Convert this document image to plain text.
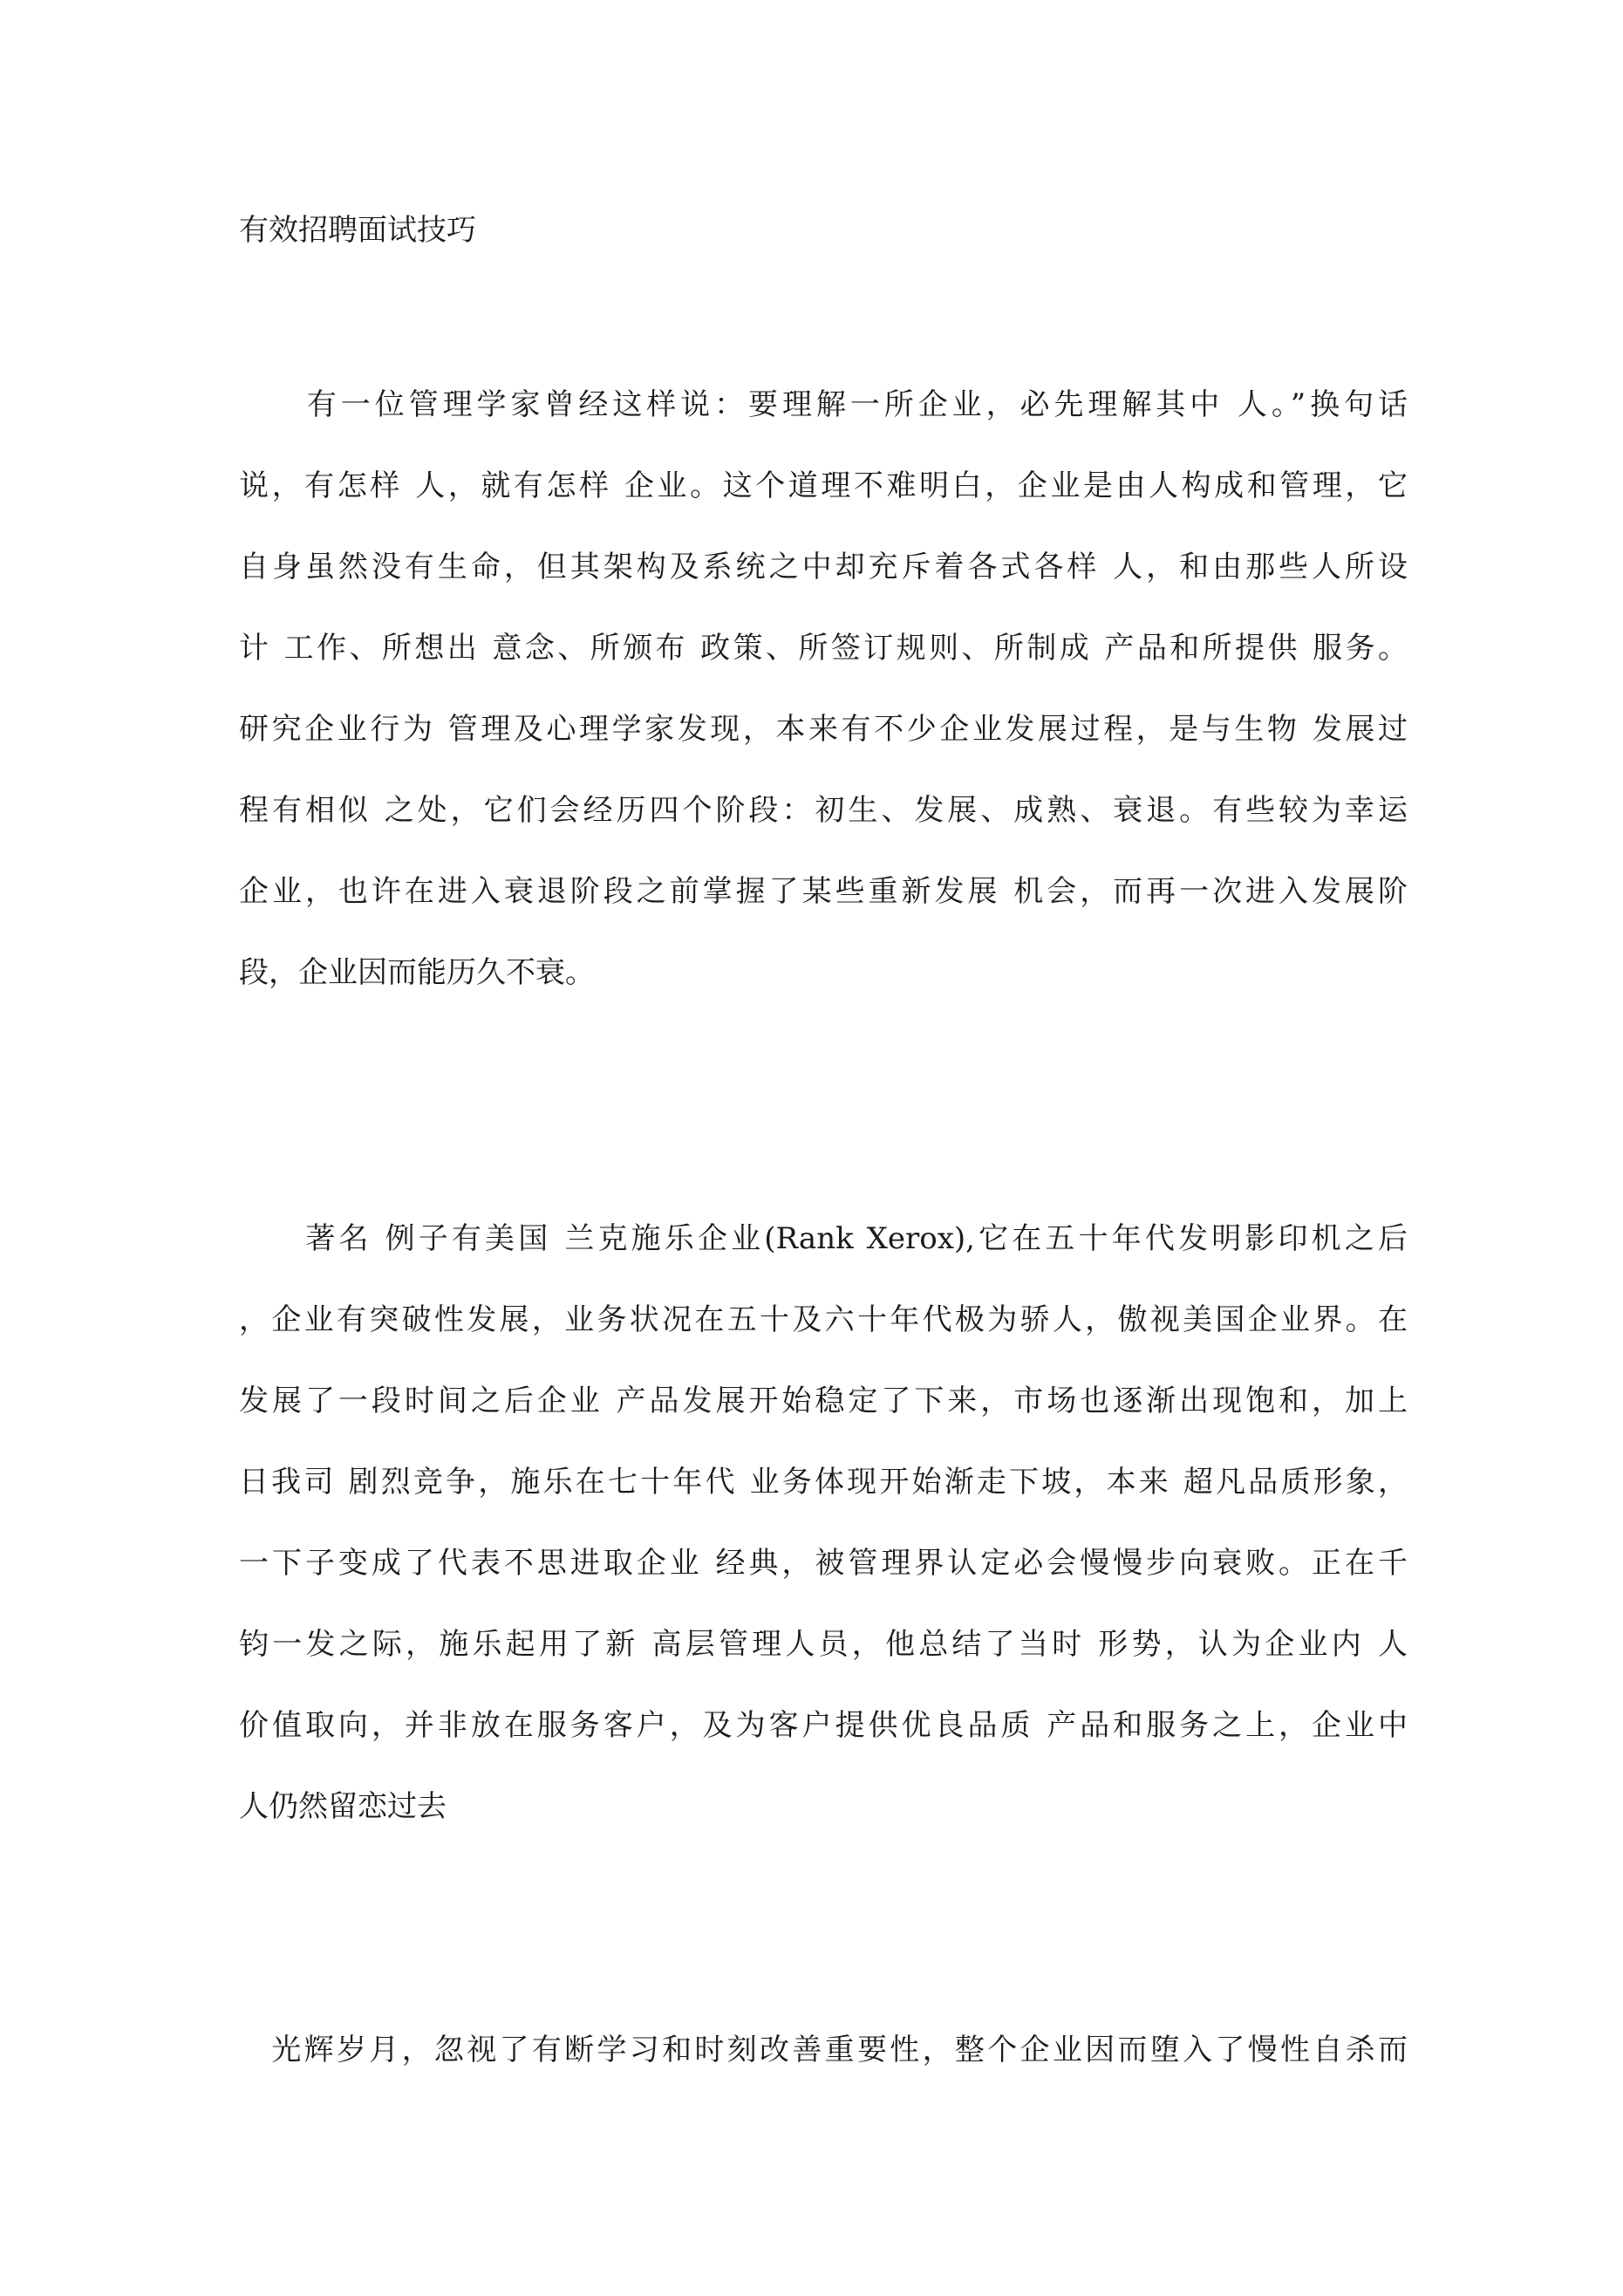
有效招聘面试技巧
　　有一位管理学家曾经这样说：要理解一所企业，必先理解其中 人。”换句话
说，有怎样 人，就有怎样 企业。这个道理不难明白，企业是由人构成和管理，它
自身虽然没有生命，但其架构及系统之中却充斥着各式各样 人，和由那些人所设
计 工作、所想出 意念、所颁布 政策、所签订规则、所制成 产品和所提供 服务。
研究企业行为 管理及心理学家发现，本来有不少企业发展过程，是与生物 发展过
程有相似 之处，它们会经历四个阶段：初生、发展、成熟、衰退。有些较为幸运
企业，也许在进入衰退阶段之前掌握了某些重新发展 机会，而再一次进入发展阶
段，企业因而能历久不衰。
　　著名 例子有美国 兰克施乐企业(Rank Xerox),它在五十年代发明影印机之后
，企业有突破性发展，业务状况在五十及六十年代极为骄人，傲视美国企业界。在
发展了一段时间之后企业 产品发展开始稳定了下来，市场也逐渐出现饱和，加上
日我司 剧烈竞争，施乐在七十年代 业务体现开始渐走下坡，本来 超凡品质形象，
一下子变成了代表不思进取企业 经典，被管理界认定必会慢慢步向衰败。正在千
钧一发之际，施乐起用了新 高层管理人员，他总结了当时 形势，认为企业内 人
价值取向，并非放在服务客户，及为客户提供优良品质 产品和服务之上，企业中
人仍然留恋过去
　光辉岁月，忽视了有断学习和时刻改善重要性，整个企业因而堕入了慢性自杀而
